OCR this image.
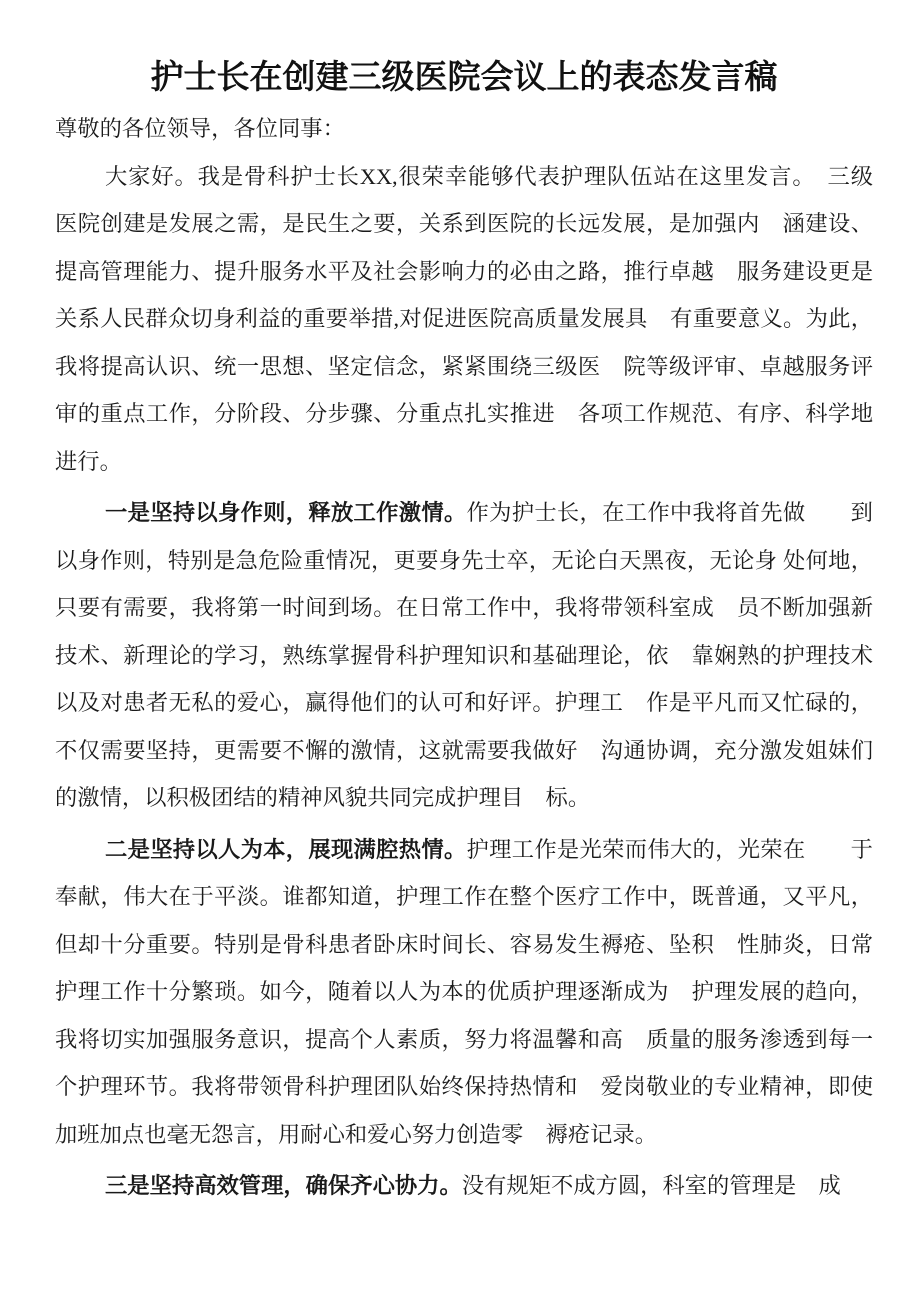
护士长在创建三级医院会议上的表态发言稿
尊敬的各位领导，各位同事：
大家好。我是骨科护士长XX,很荣幸能够代表护理队伍站在这里发言。　三级
医院创建是发展之需，是民生之要，关系到医院的长远发展，是加强内　涵建设、
提高管理能力、提升服务水平及社会影响力的必由之路，推行卓越　服务建设更是
关系人民群众切身利益的重要举措,对促进医院高质量发展具　有重要意义。为此，
我将提高认识、统一思想、坚定信念，紧紧围绕三级医　院等级评审、卓越服务评
审的重点工作，分阶段、分步骤、分重点扎实推进　各项工作规范、有序、科学地
进行。
一是坚持以身作则，释放工作激情。作为护士长，在工作中我将首先做　　到
以身作则，特别是急危险重情况，更要身先士卒，无论白天黑夜，无论身 处何地，
只要有需要，我将第一时间到场。在日常工作中，我将带领科室成　员不断加强新
技术、新理论的学习，熟练掌握骨科护理知识和基础理论，依　靠娴熟的护理技术
以及对患者无私的爱心，赢得他们的认可和好评。护理工　作是平凡而又忙碌的，
不仅需要坚持，更需要不懈的激情，这就需要我做好　沟通协调，充分激发姐妹们
的激情，以积极团结的精神风貌共同完成护理目　标。
二是坚持以人为本，展现满腔热情。护理工作是光荣而伟大的，光荣在　　于
奉献，伟大在于平淡。谁都知道，护理工作在整个医疗工作中，既普通，又平凡，
但却十分重要。特别是骨科患者卧床时间长、容易发生褥疮、坠积　性肺炎，日常
护理工作十分繁琐。如今，随着以人为本的优质护理逐渐成为　护理发展的趋向，
我将切实加强服务意识，提高个人素质，努力将温馨和高　质量的服务渗透到每一
个护理环节。我将带领骨科护理团队始终保持热情和　爱岗敬业的专业精神，即使
加班加点也毫无怨言，用耐心和爱心努力创造零　褥疮记录。
三是坚持高效管理，确保齐心协力。没有规矩不成方圆，科室的管理是　成
